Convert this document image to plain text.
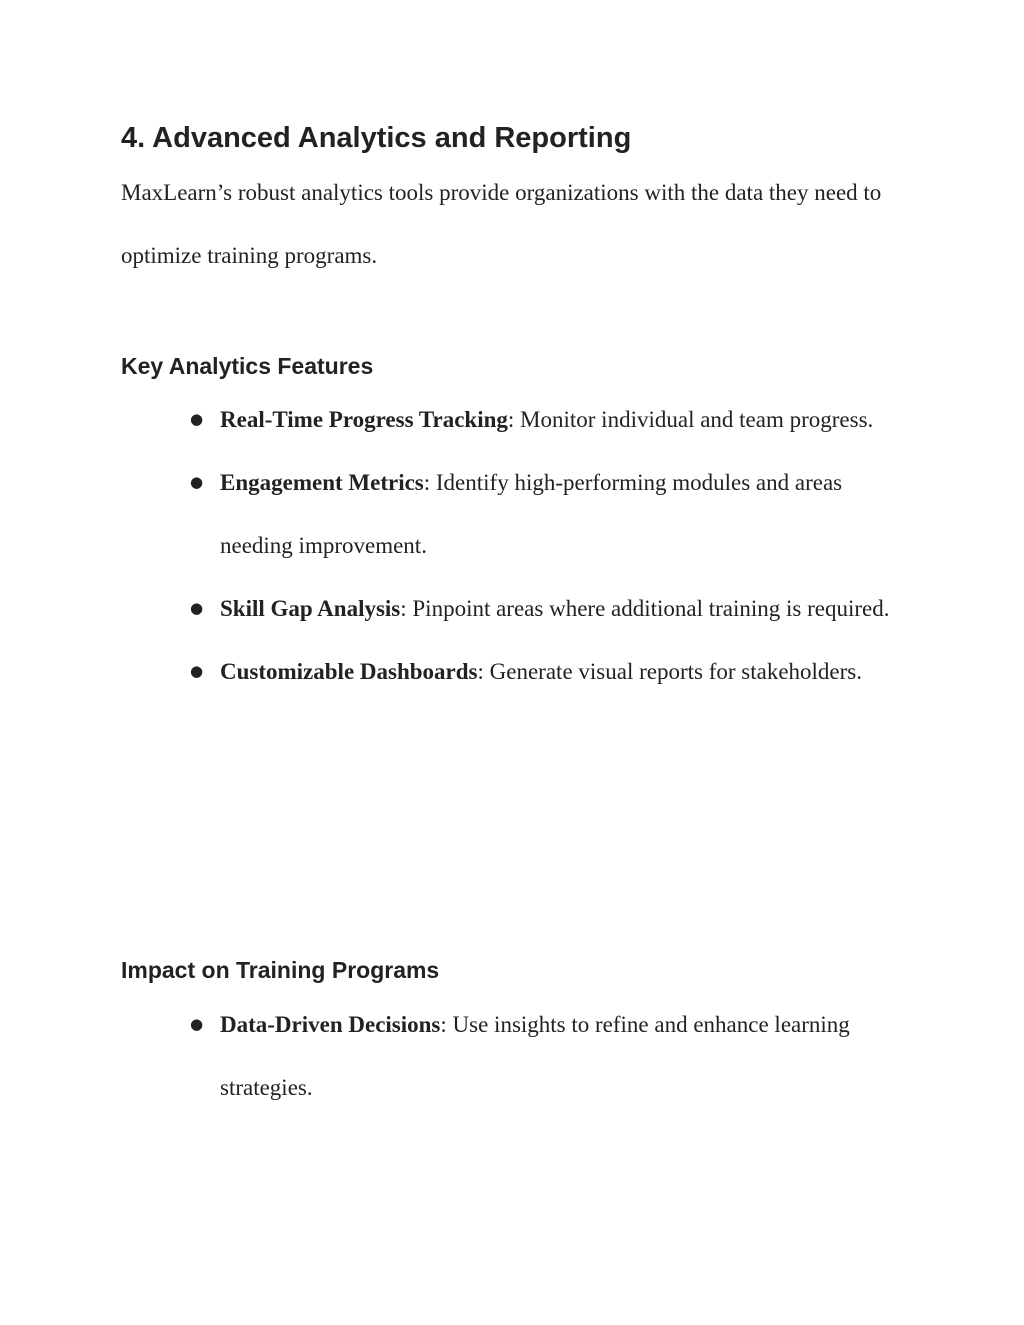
4. Advanced Analytics and Reporting

MaxLearn’s robust analytics tools provide organizations with the data they need to optimize training programs.

Key Analytics Features
● Real-Time Progress Tracking: Monitor individual and team progress.
● Engagement Metrics: Identify high-performing modules and areas needing improvement.
● Skill Gap Analysis: Pinpoint areas where additional training is required.
● Customizable Dashboards: Generate visual reports for stakeholders.
Impact on Training Programs
● Data-Driven Decisions: Use insights to refine and enhance learning strategies.
